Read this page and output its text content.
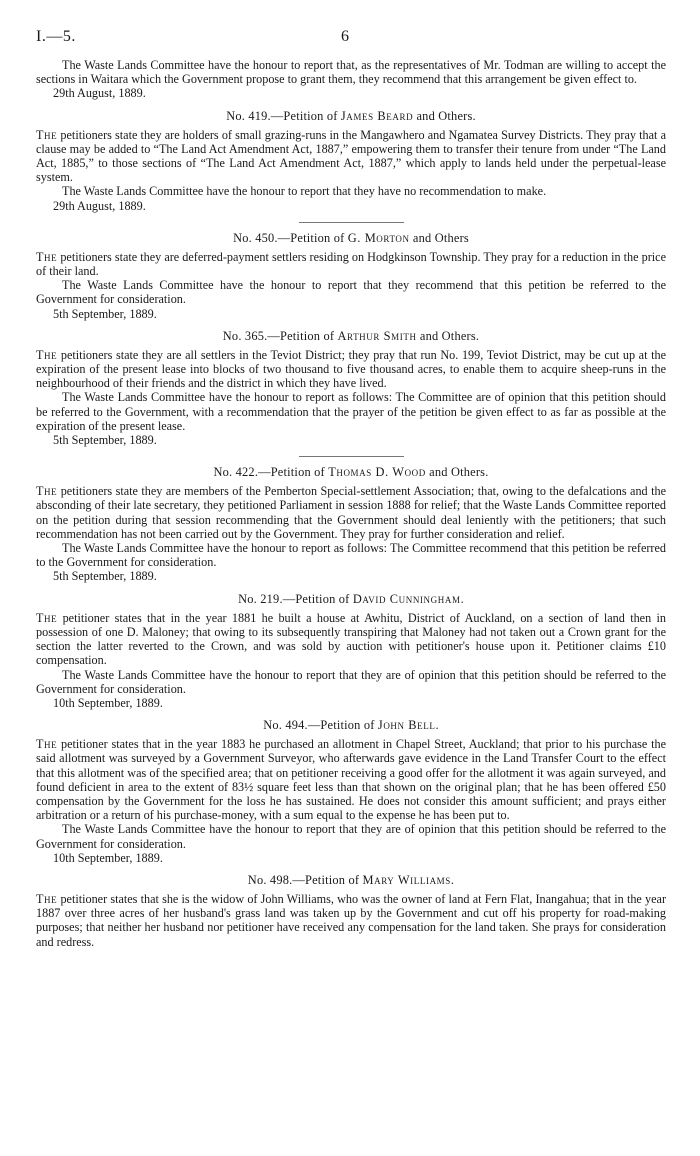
I.—5.	6

The Waste Lands Committee have the honour to report that, as the representatives of Mr. Todman are willing to accept the sections in Waitara which the Government propose to grant them, they recommend that this arrangement be given effect to.

29th August, 1889.

No. 419.—Petition of James Beard and Others.

The petitioners state they are holders of small grazing-runs in the Mangawhero and Ngamatea Survey Districts. They pray that a clause may be added to “The Land Act Amendment Act, 1887,” empowering them to transfer their tenure from under “The Land Act, 1885,” to those sections of “The Land Act Amendment Act, 1887,” which apply to lands held under the perpetual-lease system.

The Waste Lands Committee have the honour to report that they have no recommendation to make.

29th August, 1889.

No. 450.—Petition of G. Morton and Others

The petitioners state they are deferred-payment settlers residing on Hodgkinson Township. They pray for a reduction in the price of their land.

The Waste Lands Committee have the honour to report that they recommend that this petition be referred to the Government for consideration.

5th September, 1889.

No. 365.—Petition of Arthur Smith and Others.

The petitioners state they are all settlers in the Teviot District; they pray that run No. 199, Teviot District, may be cut up at the expiration of the present lease into blocks of two thousand to five thousand acres, to enable them to acquire sheep-runs in the neighbourhood of their friends and the district in which they have lived.

The Waste Lands Committee have the honour to report as follows: The Committee are of opinion that this petition should be referred to the Government, with a recommendation that the prayer of the petition be given effect to as far as possible at the expiration of the present lease.

5th September, 1889.

No. 422.—Petition of Thomas D. Wood and Others.

The petitioners state they are members of the Pemberton Special-settlement Association; that, owing to the defalcations and the absconding of their late secretary, they petitioned Parliament in session 1888 for relief; that the Waste Lands Committee reported on the petition during that session recommending that the Government should deal leniently with the petitioners; that such recommendation has not been carried out by the Government. They pray for further consideration and relief.

The Waste Lands Committee have the honour to report as follows: The Committee recommend that this petition be referred to the Government for consideration.

5th September, 1889.

No. 219.—Petition of David Cunningham.

The petitioner states that in the year 1881 he built a house at Awhitu, District of Auckland, on a section of land then in possession of one D. Maloney; that owing to its subsequently transpiring that Maloney had not taken out a Crown grant for the section the latter reverted to the Crown, and was sold by auction with petitioner's house upon it. Petitioner claims £10 compensation.

The Waste Lands Committee have the honour to report that they are of opinion that this petition should be referred to the Government for consideration.

10th September, 1889.

No. 494.—Petition of John Bell.

The petitioner states that in the year 1883 he purchased an allotment in Chapel Street, Auckland; that prior to his purchase the said allotment was surveyed by a Government Surveyor, who afterwards gave evidence in the Land Transfer Court to the effect that this allotment was of the specified area; that on petitioner receiving a good offer for the allotment it was again surveyed, and found deficient in area to the extent of 83½ square feet less than that shown on the original plan; that he has been offered £50 compensation by the Government for the loss he has sustained. He does not consider this amount sufficient; and prays either arbitration or a return of his purchase-money, with a sum equal to the expense he has been put to.

The Waste Lands Committee have the honour to report that they are of opinion that this petition should be referred to the Government for consideration.

10th September, 1889.

No. 498.—Petition of Mary Williams.

The petitioner states that she is the widow of John Williams, who was the owner of land at Fern Flat, Inangahua; that in the year 1887 over three acres of her husband's grass land was taken up by the Government and cut off his property for road-making purposes; that neither her husband nor petitioner have received any compensation for the land taken. She prays for consideration and redress.
